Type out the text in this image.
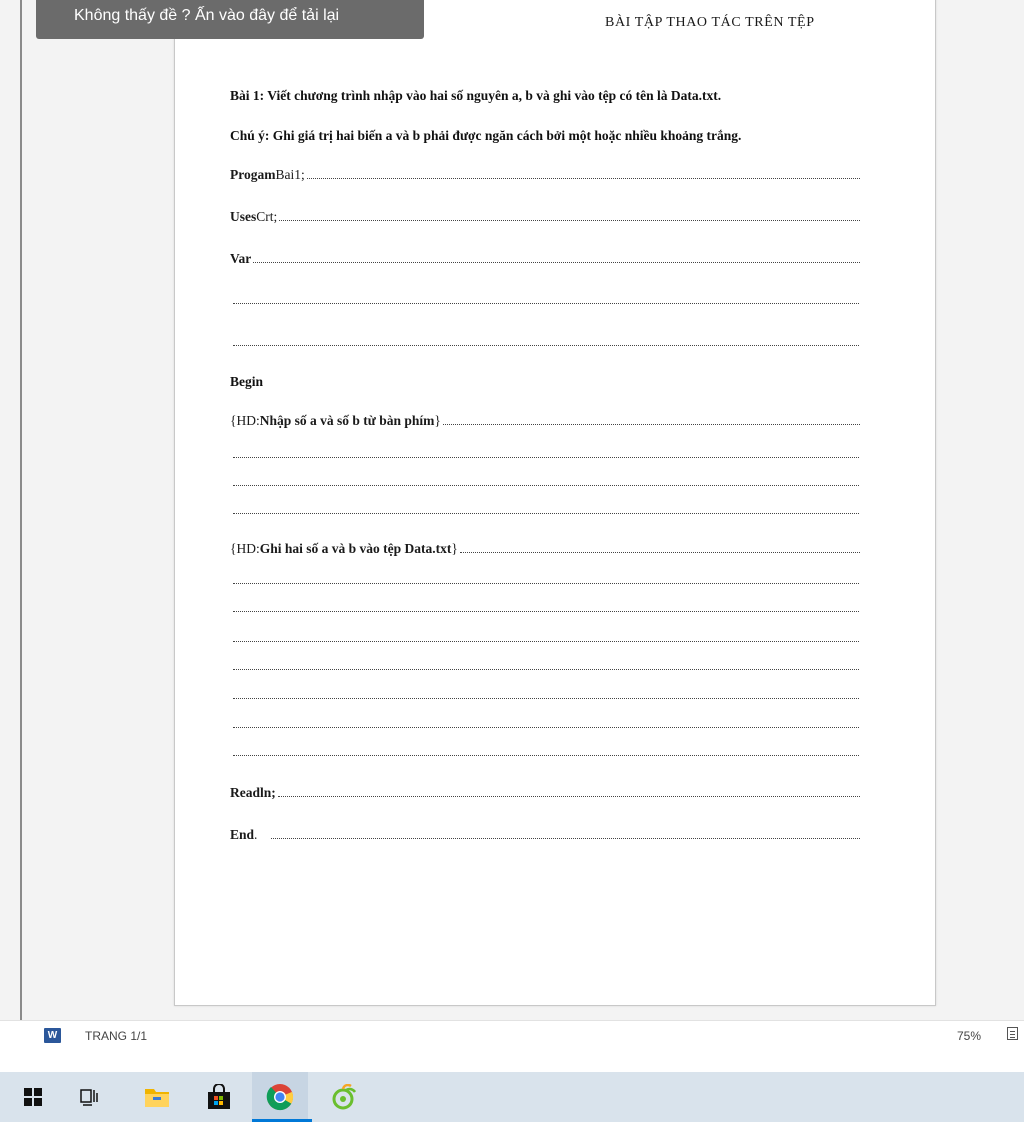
BÀI TẬP THAO TÁC TRÊN TỆP
Bài 1: Viết chương trình nhập vào hai số nguyên a, b và ghi vào tệp có tên là Data.txt.
Chú ý: Ghi giá trị hai biến a và b phải được ngăn cách bởi một hoặc nhiều khoảng trắng.
Progam Bai1;
Uses Crt;
Var
Begin
{HD: Nhập số a và số b từ bàn phím }
{HD: Ghi hai số a và b vào tệp Data.txt }
Readln;
End .
Không thấy đề ? Ấn vào đây để tải lại
W	TRANG 1/1	75%
